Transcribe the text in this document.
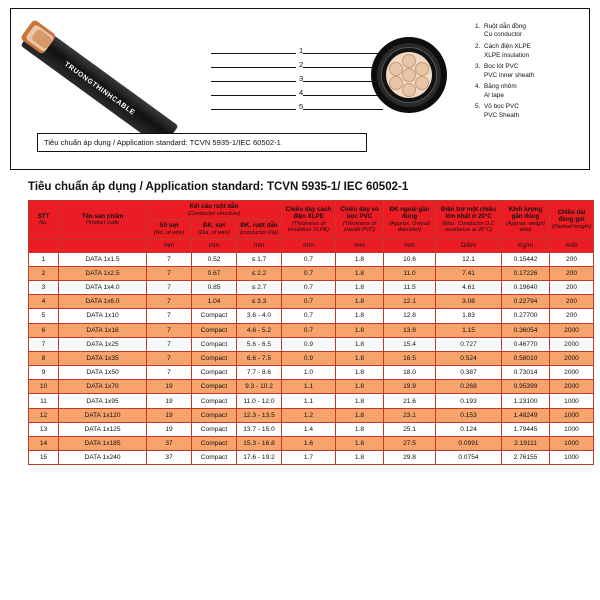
TRUONGTHINHCABLE
1
2
3
4
5
1. Ruột dẫn đồng
Cu conductor
2. Cách điện XLPE
XLPE insulation
3. Bọc lót PVC
PVC inner sheath
4. Băng nhôm
Al tape
5. Vỏ bọc PVC
PVC Sheath
Tiêu chuẩn áp dụng / Application standard: TCVN 5935-1/IEC 60502-1
Tiêu chuẩn áp dụng / Application standard: TCVN 5935-1/ IEC 60502-1
STT
No.	Tên sản phẩm
Product code	Kết cấu ruột dẫn
(Conductor structure)			Chiều dày cách điện XLPE
(Thickness of insulation XLPE)	Chiều dày vỏ bọc PVC
(Thickness of sheath PVC)	ĐK ngoài gần đúng
(Approx. Overall diameter)	Điện trở một chiều lớn nhất ở 20°C
(Max. Conductor D.C resistance at 20°C)	Khối lượng gần đúng
(Approx. weight wire)	Chiều dài đóng gói
(Packed length)

		Số sợi
(No. of wire)	ĐK. sợi
(Dia. of wire)	ĐK. ruột dẫn
(conductor Dia)						

		mm	mm	mm	mm	mm	mm	Ω/km	Kg/m	m/lô
1	DATA 1x1.5	7	0.52	≤ 1.7	0.7	1.8	10.6	12.1	0.15442	200
2	DATA 1x2.5	7	0.67	≤ 2.2	0.7	1.8	11.0	7.41	0.17226	200
3	DATA 1x4.0	7	0.85	≤ 2.7	0.7	1.8	11.5	4.61	0.19640	200
4	DATA 1x6.0	7	1.04	≤ 3.3	0.7	1.8	12.1	3.08	0.22794	200
5	DATA 1x10	7	Compact	3.6 - 4.0	0.7	1.8	12.8	1.83	0.27700	200
6	DATA 1x16	7	Compact	4.6 - 5.2	0.7	1.8	13.8	1.15	0.36054	2000
7	DATA 1x25	7	Compact	5.6 - 6.5	0.9	1.8	15.4	0.727	0.46770	2000
8	DATA 1x35	7	Compact	6.6 - 7.5	0.9	1.8	16.5	0.524	0.58010	2000
9	DATA 1x50	7	Compact	7.7 - 8.6	1.0	1.8	18.0	0.387	0.73014	2000
10	DATA 1x70	19	Compact	9.3 - 10.2	1.1	1.8	19.9	0.268	0.95399	2000
11	DATA 1x95	19	Compact	11.0 - 12.0	1.1	1.8	21.6	0.193	1.23100	1000
12	DATA 1x120	19	Compact	12.3 - 13.5	1.2	1.8	23.1	0.153	1.48249	1000
13	DATA 1x125	19	Compact	13.7 - 15.0	1.4	1.8	25.1	0.124	1.79445	1000
14	DATA 1x185	37	Compact	15.3 - 16.8	1.6	1.8	27.5	0.0991	2.19111	1000
15	DATA 1x240	37	Compact	17.6 - 19.2	1.7	1.8	29.8	0.0754	2.76155	1000
